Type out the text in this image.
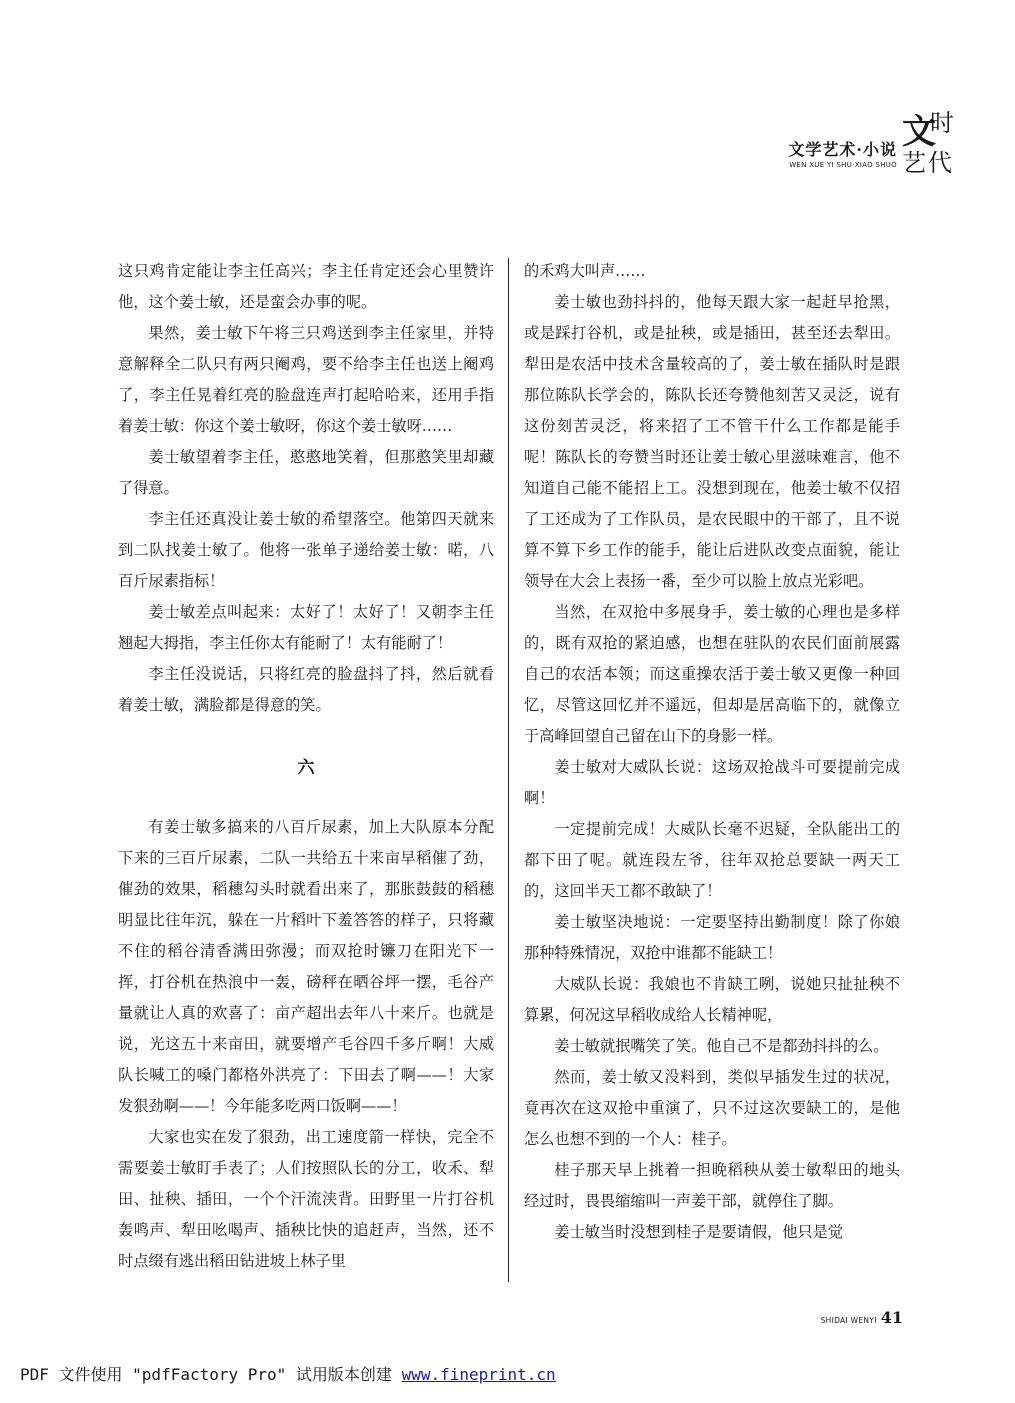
文学艺术·小说
WEN XUE YI SHU·XIAO SHUO
文
时
艺 代

这只鸡肯定能让李主任高兴；李主任肯定还会心里赞许他，这个姜士敏，还是蛮会办事的呢。

果然，姜士敏下午将三只鸡送到李主任家里，并特意解释全二队只有两只阉鸡，要不给李主任也送上阉鸡了，李主任晃着红亮的脸盘连声打起哈哈来，还用手指着姜士敏：你这个姜士敏呀，你这个姜士敏呀……

姜士敏望着李主任，憨憨地笑着，但那憨笑里却藏了得意。

李主任还真没让姜士敏的希望落空。他第四天就来到二队找姜士敏了。他将一张单子递给姜士敏：喏，八百斤尿素指标！

姜士敏差点叫起来：太好了！太好了！又朝李主任翘起大拇指，李主任你太有能耐了！太有能耐了！

李主任没说话，只将红亮的脸盘抖了抖，然后就看着姜士敏，满脸都是得意的笑。

六

有姜士敏多搞来的八百斤尿素，加上大队原本分配下来的三百斤尿素，二队一共给五十来亩早稻催了劲，催劲的效果，稻穗勾头时就看出来了，那胀鼓鼓的稻穗明显比往年沉，躲在一片稻叶下羞答答的样子，只将藏不住的稻谷清香满田弥漫；而双抢时镰刀在阳光下一挥，打谷机在热浪中一轰，磅秤在晒谷坪一摆，毛谷产量就让人真的欢喜了：亩产超出去年八十来斤。也就是说，光这五十来亩田，就要增产毛谷四千多斤啊！大威队长喊工的嗓门都格外洪亮了：下田去了啊——！大家发狠劲啊——！今年能多吃两口饭啊——！

大家也实在发了狠劲，出工速度箭一样快，完全不需要姜士敏盯手表了；人们按照队长的分工，收禾、犁田、扯秧、插田，一个个汗流浃背。田野里一片打谷机轰鸣声、犁田吆喝声、插秧比快的追赶声，当然，还不时点缀有逃出稻田钻进坡上林子里

的禾鸡大叫声……

姜士敏也劲抖抖的，他每天跟大家一起赶早抢黑，或是踩打谷机，或是扯秧，或是插田，甚至还去犁田。犁田是农活中技术含量较高的了，姜士敏在插队时是跟那位陈队长学会的，陈队长还夸赞他刻苦又灵泛，说有这份刻苦灵泛，将来招了工不管干什么工作都是能手呢！陈队长的夸赞当时还让姜士敏心里滋味难言，他不知道自己能不能招上工。没想到现在，他姜士敏不仅招了工还成为了工作队员，是农民眼中的干部了，且不说算不算下乡工作的能手，能让后进队改变点面貌，能让领导在大会上表扬一番，至少可以脸上放点光彩吧。

当然，在双抢中多展身手，姜士敏的心理也是多样的，既有双抢的紧迫感，也想在驻队的农民们面前展露自己的农活本领；而这重操农活于姜士敏又更像一种回忆，尽管这回忆并不遥远，但却是居高临下的，就像立于高峰回望自己留在山下的身影一样。

姜士敏对大威队长说：这场双抢战斗可要提前完成啊！

一定提前完成！大威队长毫不迟疑，全队能出工的都下田了呢。就连段左爷，往年双抢总要缺一两天工的，这回半天工都不敢缺了！

姜士敏坚决地说：一定要坚持出勤制度！除了你娘那种特殊情况，双抢中谁都不能缺工！

大威队长说：我娘也不肯缺工咧，说她只扯扯秧不算累，何况这早稻收成给人长精神呢，

姜士敏就抿嘴笑了笑。他自己不是都劲抖抖的么。

然而，姜士敏又没料到，类似早插发生过的状况，竟再次在这双抢中重演了，只不过这次要缺工的，是他怎么也想不到的一个人：桂子。

桂子那天早上挑着一担晚稻秧从姜士敏犁田的地头经过时，畏畏缩缩叫一声姜干部，就停住了脚。

姜士敏当时没想到桂子是要请假，他只是觉

SHIDAI WENYI 41
PDF 文件使用 "pdfFactory Pro" 试用版本创建 www.fineprint.cn
